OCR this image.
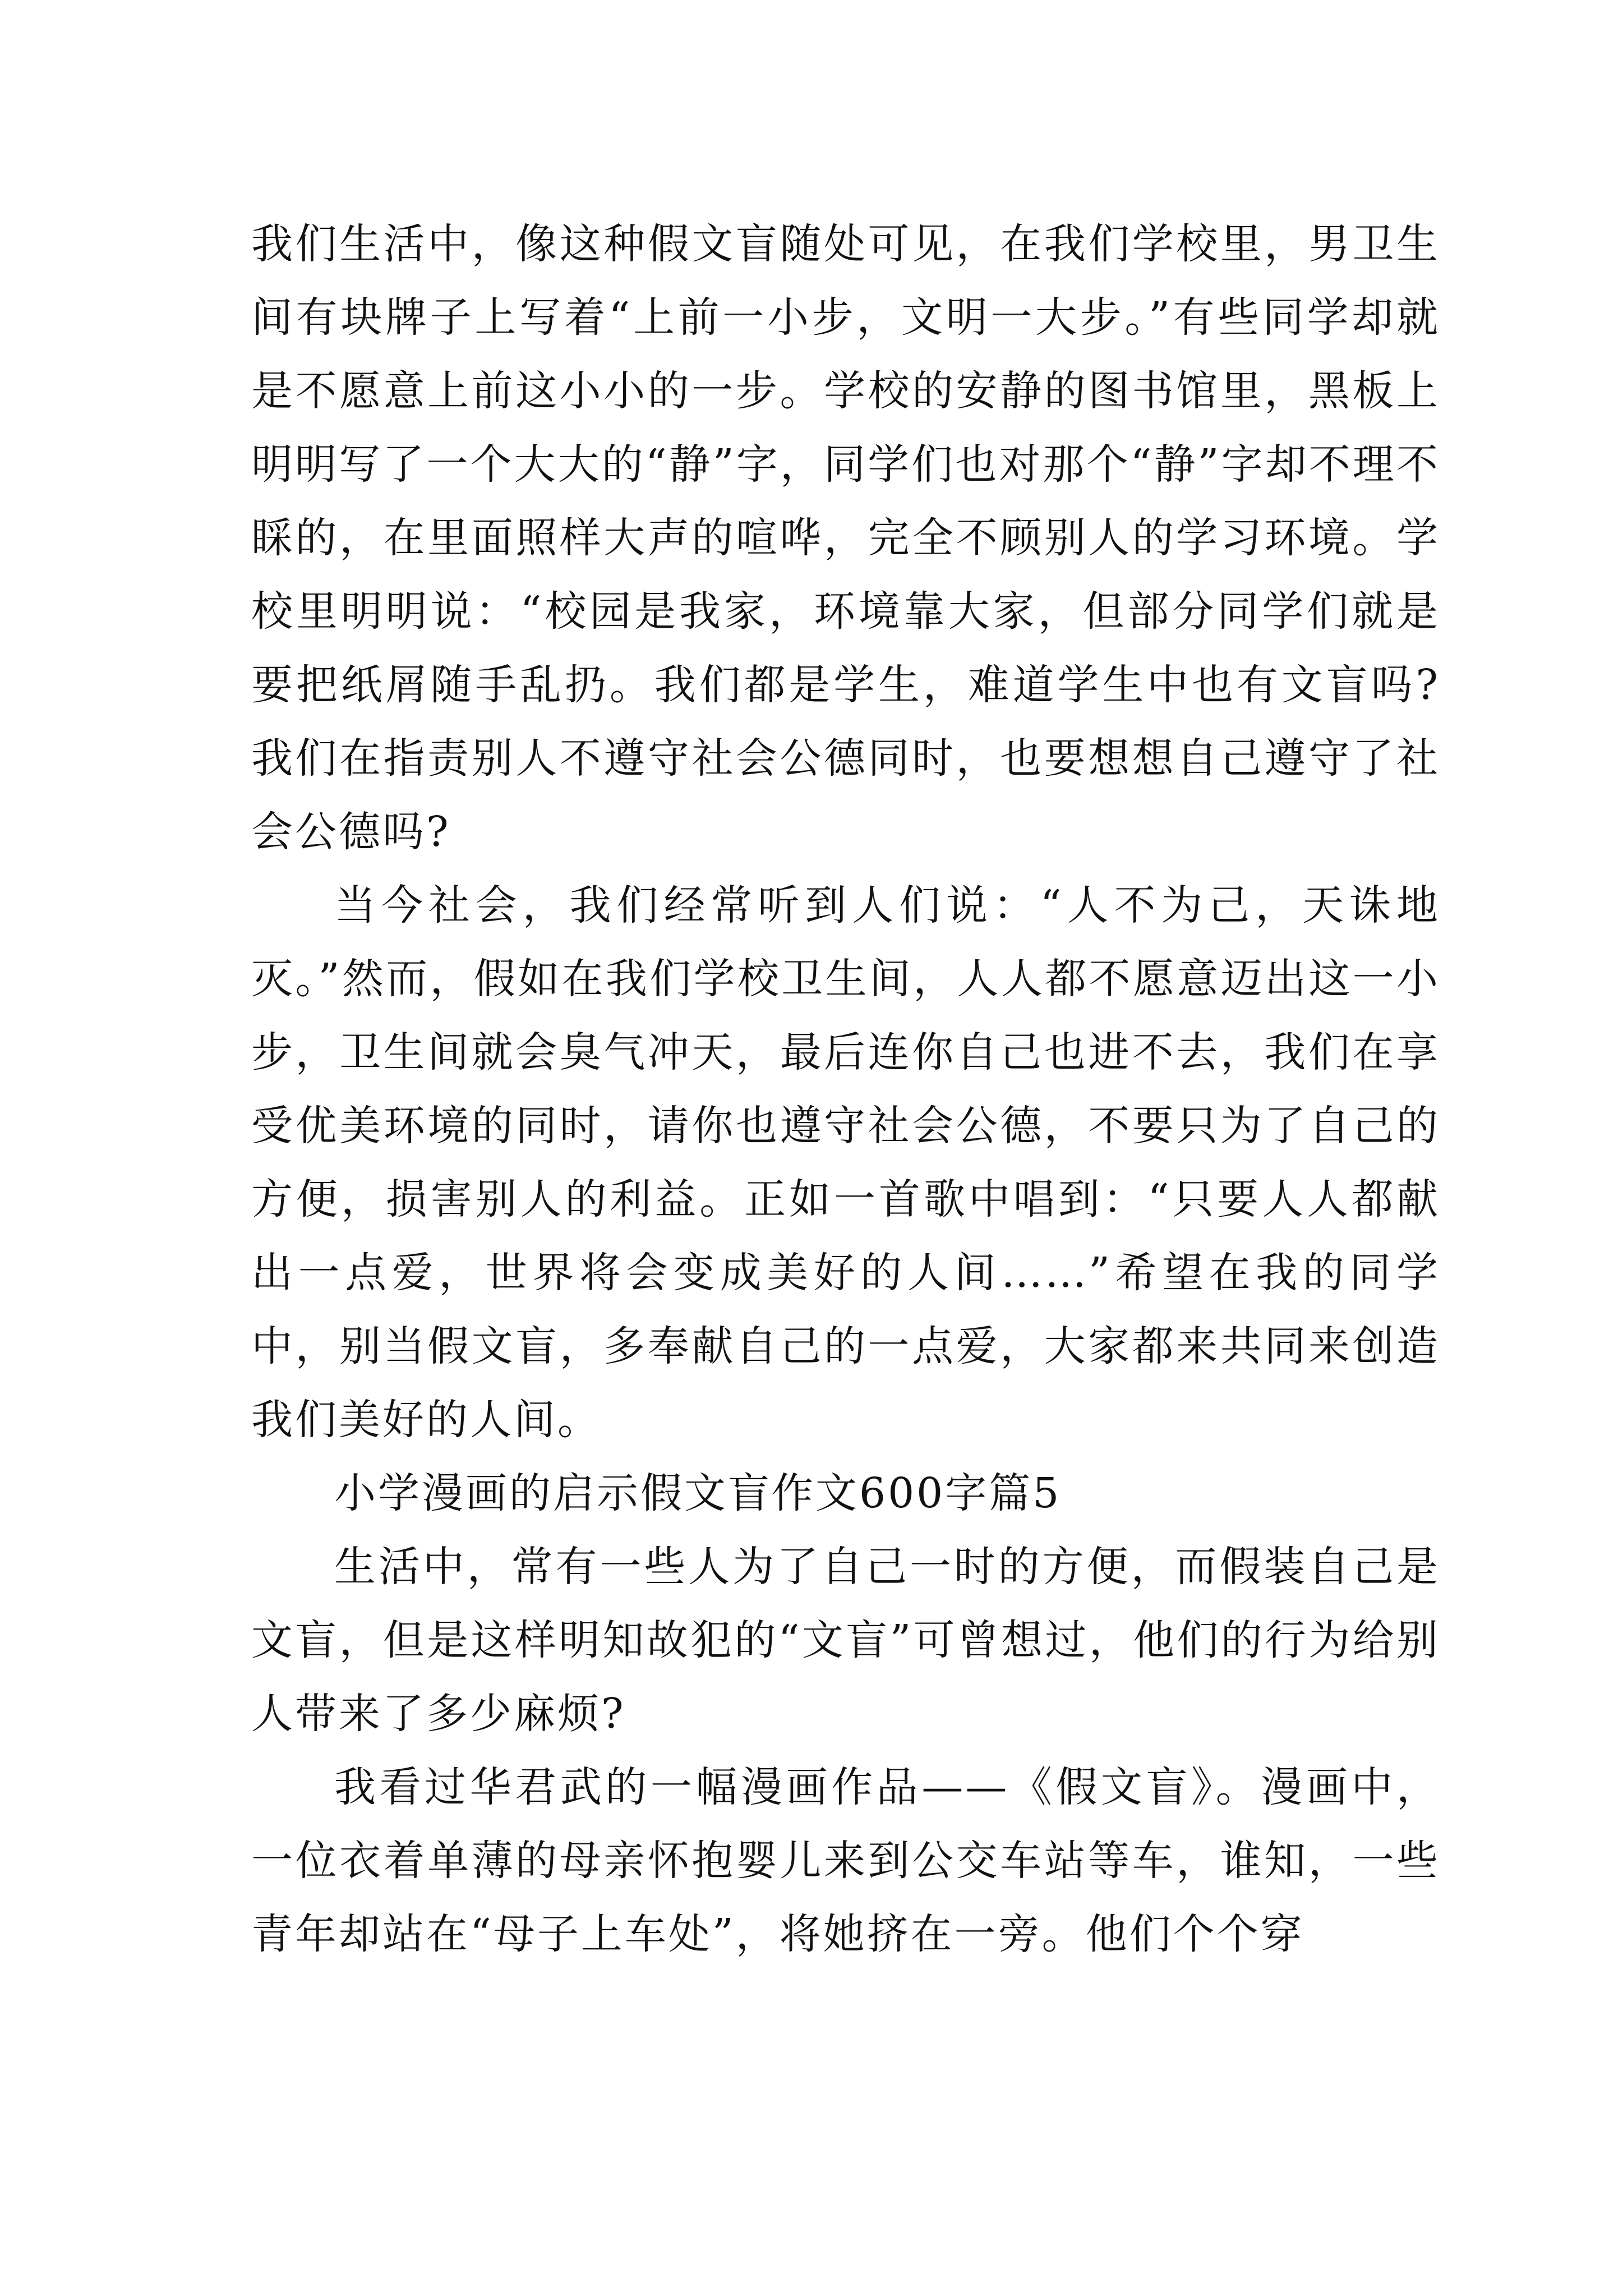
我们生活中，像这种假文盲随处可见，在我们学校里，男卫生间有块牌子上写着“上前一小步，文明一大步。”有些同学却就是不愿意上前这小小的一步。学校的安静的图书馆里，黑板上明明写了一个大大的“静”字，同学们也对那个“静”字却不理不睬的，在里面照样大声的喧哗，完全不顾别人的学习环境。学校里明明说：“校园是我家，环境靠大家，但部分同学们就是要把纸屑随手乱扔。我们都是学生，难道学生中也有文盲吗?我们在指责别人不遵守社会公德同时，也要想想自己遵守了社会公德吗?

当今社会，我们经常听到人们说：“人不为己，天诛地灭。”然而，假如在我们学校卫生间，人人都不愿意迈出这一小步，卫生间就会臭气冲天，最后连你自己也进不去，我们在享受优美环境的同时，请你也遵守社会公德，不要只为了自己的方便，损害别人的利益。正如一首歌中唱到：“只要人人都献出一点爱，世界将会变成美好的人间……”希望在我的同学中，别当假文盲，多奉献自己的一点爱，大家都来共同来创造我们美好的人间。

小学漫画的启示假文盲作文600字篇5

生活中，常有一些人为了自己一时的方便，而假装自己是文盲，但是这样明知故犯的“文盲”可曾想过，他们的行为给别人带来了多少麻烦?

我看过华君武的一幅漫画作品——《假文盲》。漫画中，一位衣着单薄的母亲怀抱婴儿来到公交车站等车，谁知，一些青年却站在“母子上车处”，将她挤在一旁。他们个个穿
